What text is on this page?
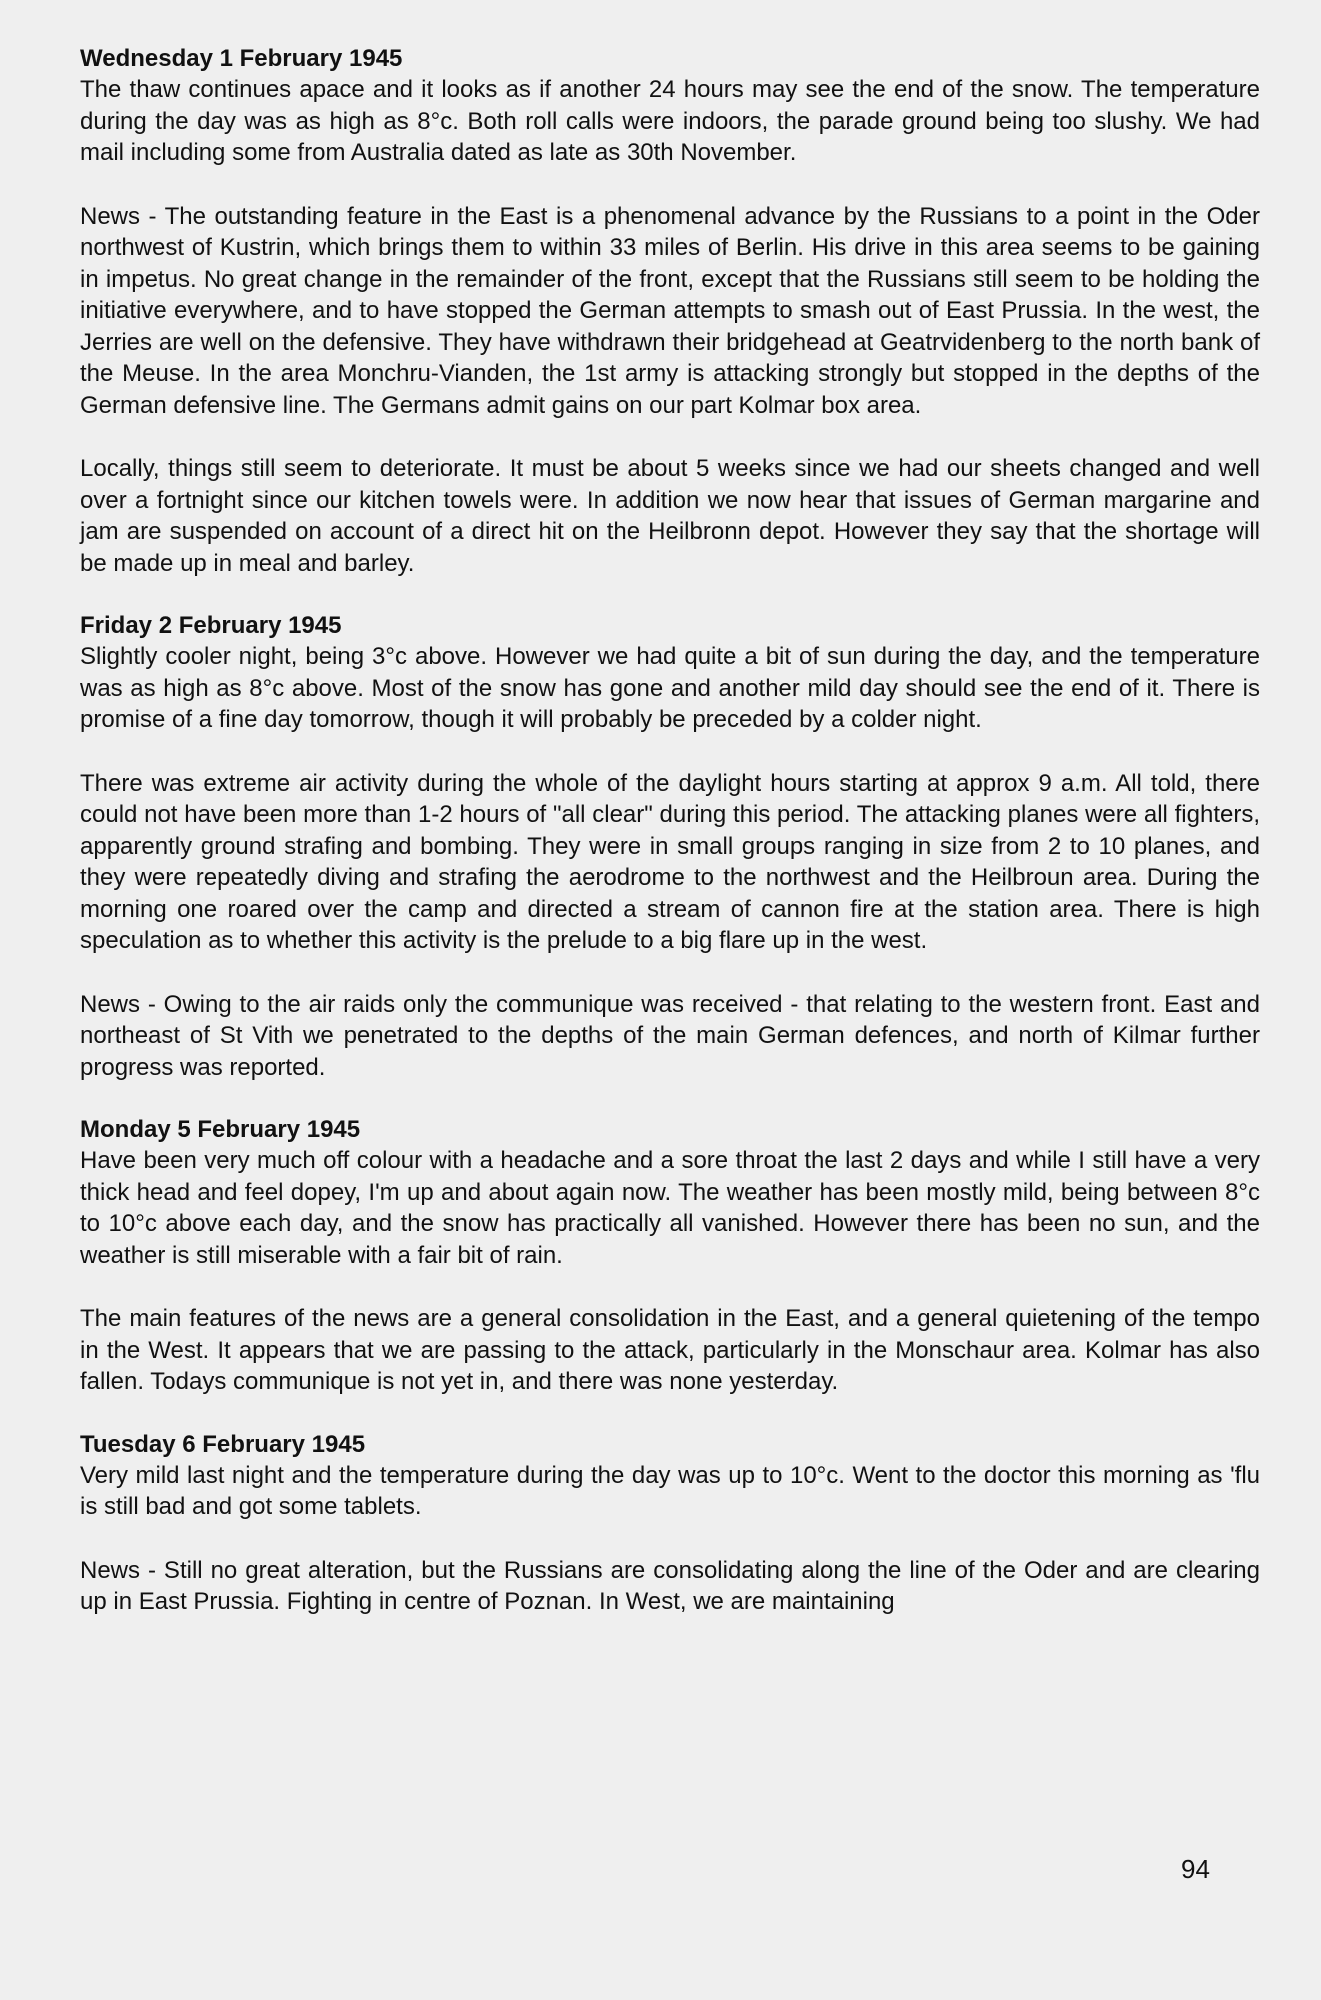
Wednesday 1 February 1945

The thaw continues apace and it looks as if another 24 hours may see the end of the snow. The temperature during the day was as high as 8°c. Both roll calls were indoors, the parade ground being too slushy. We had mail including some from Australia dated as late as 30th November.

News - The outstanding feature in the East is a phenomenal advance by the Russians to a point in the Oder northwest of Kustrin, which brings them to within 33 miles of Berlin. His drive in this area seems to be gaining in impetus. No great change in the remainder of the front, except that the Russians still seem to be holding the initiative everywhere, and to have stopped the German attempts to smash out of East Prussia. In the west, the Jerries are well on the defensive. They have withdrawn their bridgehead at Geatrvidenberg to the north bank of the Meuse. In the area Monchru-Vianden, the 1st army is attacking strongly but stopped in the depths of the German defensive line. The Germans admit gains on our part Kolmar box area.

Locally, things still seem to deteriorate. It must be about 5 weeks since we had our sheets changed and well over a fortnight since our kitchen towels were. In addition we now hear that issues of German margarine and jam are suspended on account of a direct hit on the Heilbronn depot. However they say that the shortage will be made up in meal and barley.

Friday 2 February 1945

Slightly cooler night, being 3°c above. However we had quite a bit of sun during the day, and the temperature was as high as 8°c above. Most of the snow has gone and another mild day should see the end of it. There is promise of a fine day tomorrow, though it will probably be preceded by a colder night.

There was extreme air activity during the whole of the daylight hours starting at approx 9 a.m. All told, there could not have been more than 1-2 hours of "all clear" during this period. The attacking planes were all fighters, apparently ground strafing and bombing. They were in small groups ranging in size from 2 to 10 planes, and they were repeatedly diving and strafing the aerodrome to the northwest and the Heilbroun area. During the morning one roared over the camp and directed a stream of cannon fire at the station area. There is high speculation as to whether this activity is the prelude to a big flare up in the west.

News - Owing to the air raids only the communique was received - that relating to the western front. East and northeast of St Vith we penetrated to the depths of the main German defences, and north of Kilmar further progress was reported.

Monday 5 February 1945

Have been very much off colour with a headache and a sore throat the last 2 days and while I still have a very thick head and feel dopey, I'm up and about again now. The weather has been mostly mild, being between 8°c to 10°c above each day, and the snow has practically all vanished. However there has been no sun, and the weather is still miserable with a fair bit of rain.

The main features of the news are a general consolidation in the East, and a general quietening of the tempo in the West. It appears that we are passing to the attack, particularly in the Monschaur area. Kolmar has also fallen. Todays communique is not yet in, and there was none yesterday.

Tuesday 6 February 1945

Very mild last night and the temperature during the day was up to 10°c. Went to the doctor this morning as 'flu is still bad and got some tablets.

News - Still no great alteration, but the Russians are consolidating along the line of the Oder and are clearing up in East Prussia. Fighting in centre of Poznan. In West, we are maintaining

94
